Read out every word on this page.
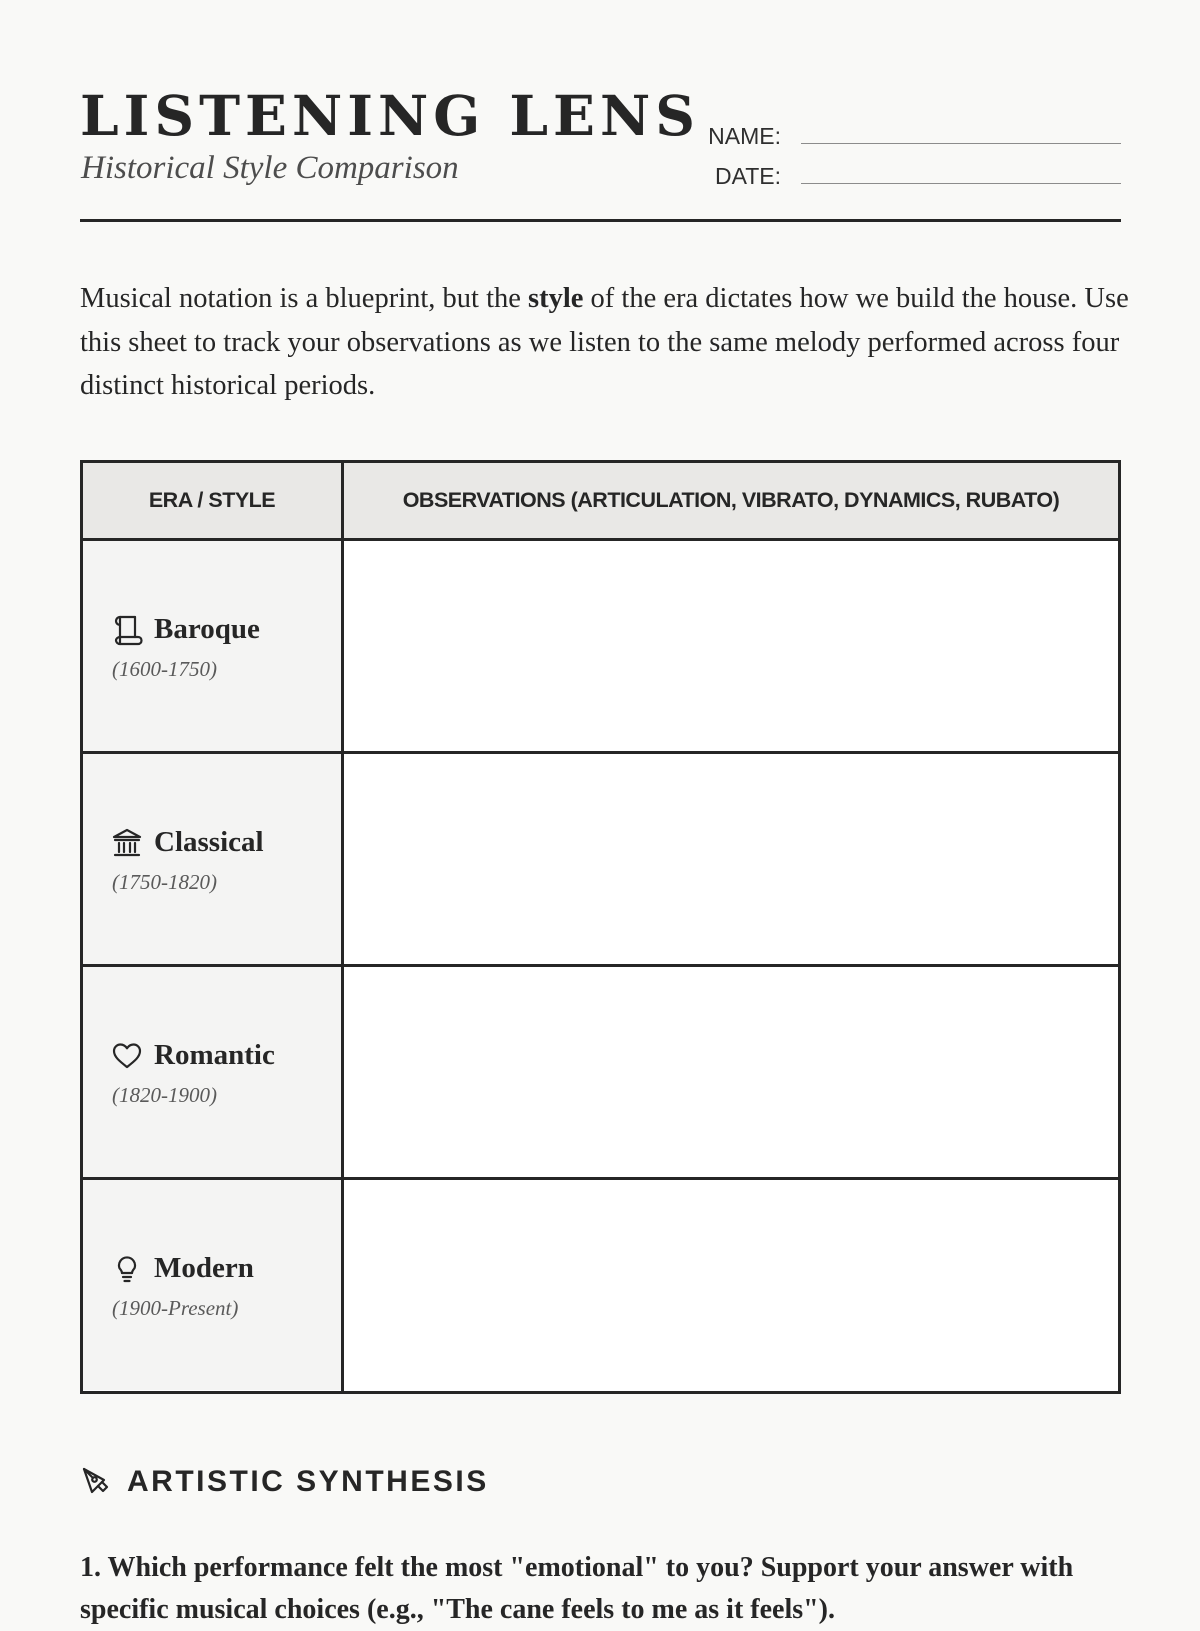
LISTENING LENS
Historical Style Comparison
NAME:
DATE:

Musical notation is a blueprint, but the style of the era dictates how we build the house. Use this sheet to track your observations as we listen to the same melody performed across four distinct historical periods.

ERA / STYLE	OBSERVATIONS (ARTICULATION, VIBRATO, DYNAMICS, RUBATO)
Baroque
(1600-1750)
Classical
(1750-1820)
Romantic
(1820-1900)
Modern
(1900-Present)
ARTISTIC SYNTHESIS

1. Which performance felt the most "emotional" to you? Support your answer with specific musical choices (e.g., "The cane feels to me as it feels").
